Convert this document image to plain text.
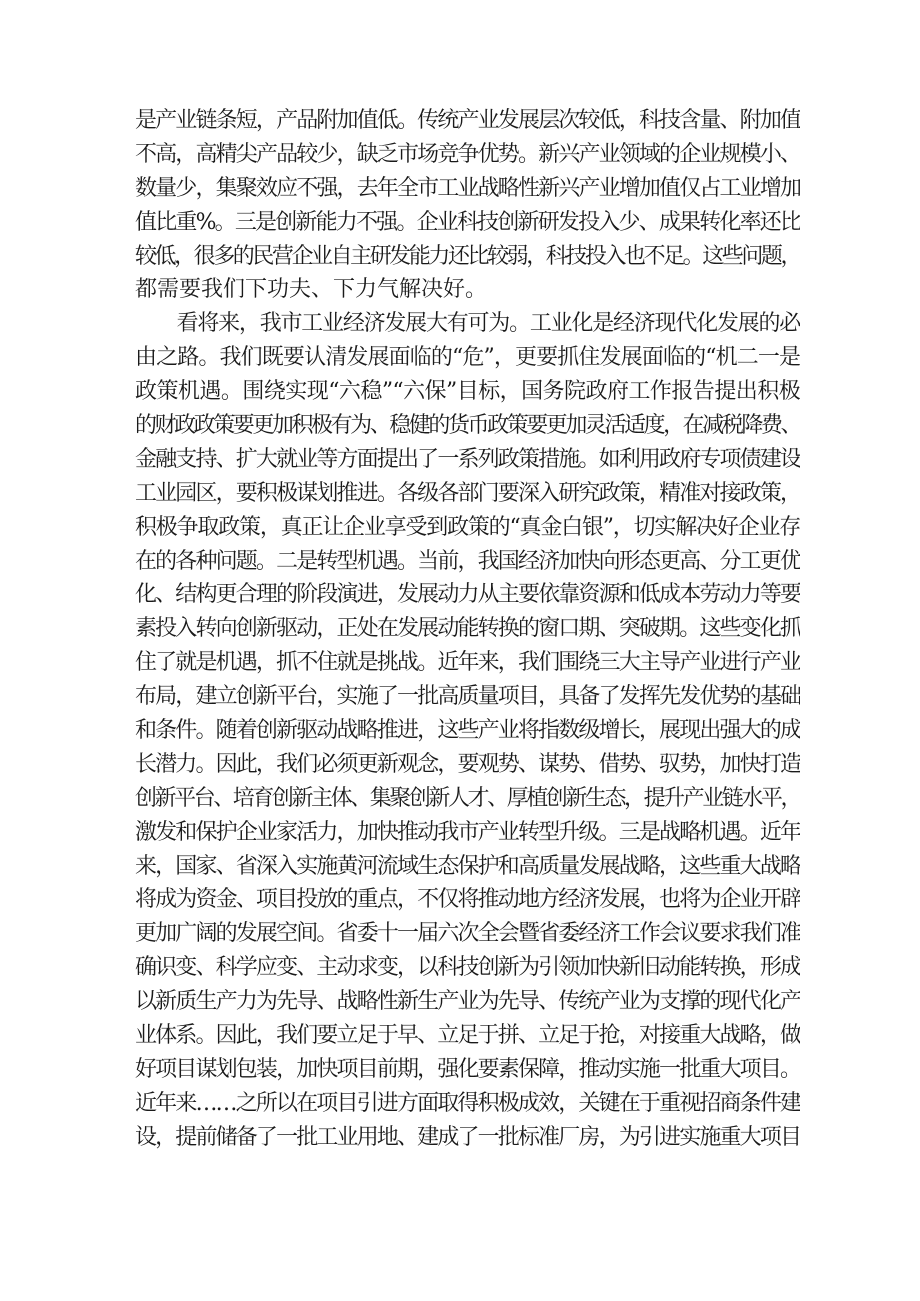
是产业链条短，产品附加值低。传统产业发展层次较低，科技含量、附加值
不高，高精尖产品较少，缺乏市场竞争优势。新兴产业领域的企业规模小、
数量少，集聚效应不强，去年全市工业战略性新兴产业增加值仅占工业增加
值比重%。三是创新能力不强。企业科技创新研发投入少、成果转化率还比
较低，很多的民营企业自主研发能力还比较弱，科技投入也不足。这些问题，
都需要我们下功夫、下力气解决好。
　　看将来，我市工业经济发展大有可为。工业化是经济现代化发展的必
由之路。我们既要认清发展面临的“危”，更要抓住发展面临的“机二一是
政策机遇。围绕实现“六稳”“六保”目标，国务院政府工作报告提出积极
的财政政策要更加积极有为、稳健的货币政策要更加灵活适度，在减税降费、
金融支持、扩大就业等方面提出了一系列政策措施。如利用政府专项债建设
工业园区，要积极谋划推进。各级各部门要深入研究政策，精准对接政策，
积极争取政策，真正让企业享受到政策的“真金白银”，切实解决好企业存
在的各种问题。二是转型机遇。当前，我国经济加快向形态更高、分工更优
化、结构更合理的阶段演进，发展动力从主要依靠资源和低成本劳动力等要
素投入转向创新驱动，正处在发展动能转换的窗口期、突破期。这些变化抓
住了就是机遇，抓不住就是挑战。近年来，我们围绕三大主导产业进行产业
布局，建立创新平台，实施了一批高质量项目，具备了发挥先发优势的基础
和条件。随着创新驱动战略推进，这些产业将指数级增长，展现出强大的成
长潜力。因此，我们必须更新观念，要观势、谋势、借势、驭势，加快打造
创新平台、培育创新主体、集聚创新人才、厚植创新生态，提升产业链水平，
激发和保护企业家活力，加快推动我市产业转型升级。三是战略机遇。近年
来，国家、省深入实施黄河流域生态保护和高质量发展战略，这些重大战略
将成为资金、项目投放的重点，不仅将推动地方经济发展，也将为企业开辟
更加广阔的发展空间。省委十一届六次全会暨省委经济工作会议要求我们准
确识变、科学应变、主动求变，以科技创新为引领加快新旧动能转换，形成
以新质生产力为先导、战略性新生产业为先导、传统产业为支撑的现代化产
业体系。因此，我们要立足于早、立足于拼、立足于抢，对接重大战略，做
好项目谋划包装，加快项目前期，强化要素保障，推动实施一批重大项目。
近年来……之所以在项目引进方面取得积极成效，关键在于重视招商条件建
设，提前储备了一批工业用地、建成了一批标准厂房，为引进实施重大项目
